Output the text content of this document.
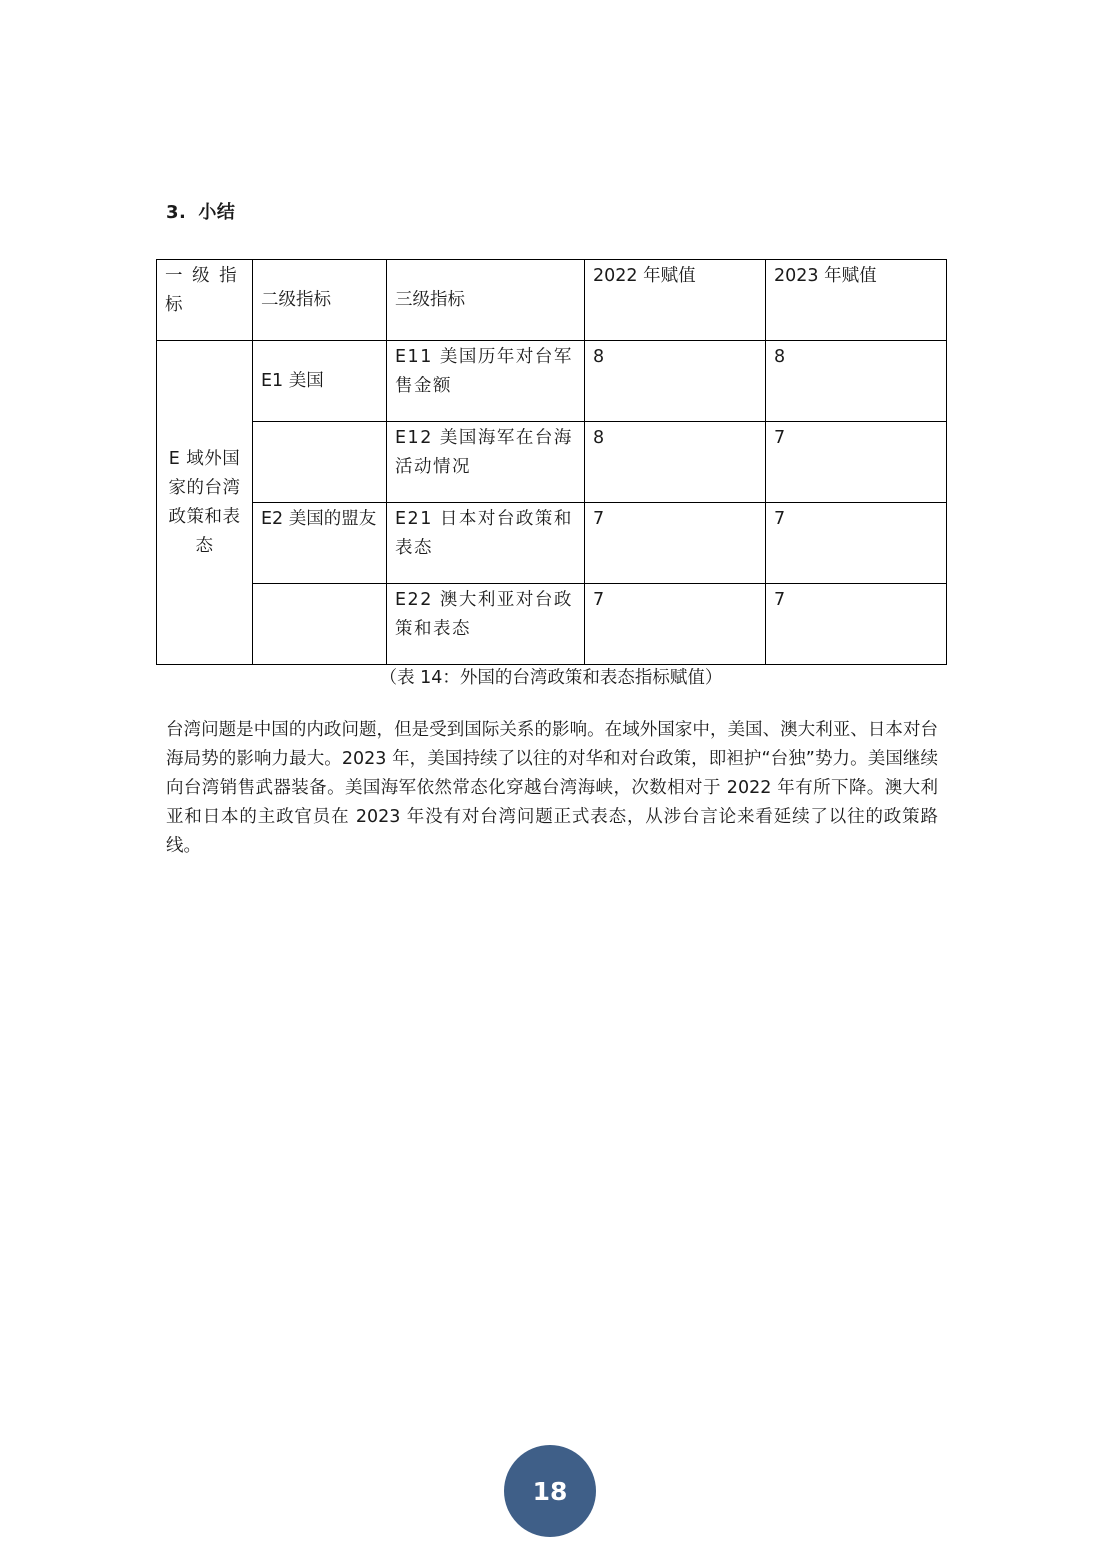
3. 小结
一 级 指标	二级指标	三级指标	2022 年赋值	2023 年赋值
E 域外国家的台湾政策和表态	E1 美国	E11 美国历年对台军售金额	8	8
		E12 美国海军在台海活动情况	8	7
	E2 美国的盟友	E21 日本对台政策和表态	7	7
		E22 澳大利亚对台政策和表态	7	7

（表 14：外国的台湾政策和表态指标赋值）

台湾问题是中国的内政问题，但是受到国际关系的影响。在域外国家中，美国、澳大利亚、日本对台海局势的影响力最大。2023 年，美国持续了以往的对华和对台政策，即袒护“台独”势力。美国继续向台湾销售武器装备。美国海军依然常态化穿越台湾海峡，次数相对于 2022 年有所下降。澳大利亚和日本的主政官员在 2023 年没有对台湾问题正式表态，从涉台言论来看延续了以往的政策路线。

18
